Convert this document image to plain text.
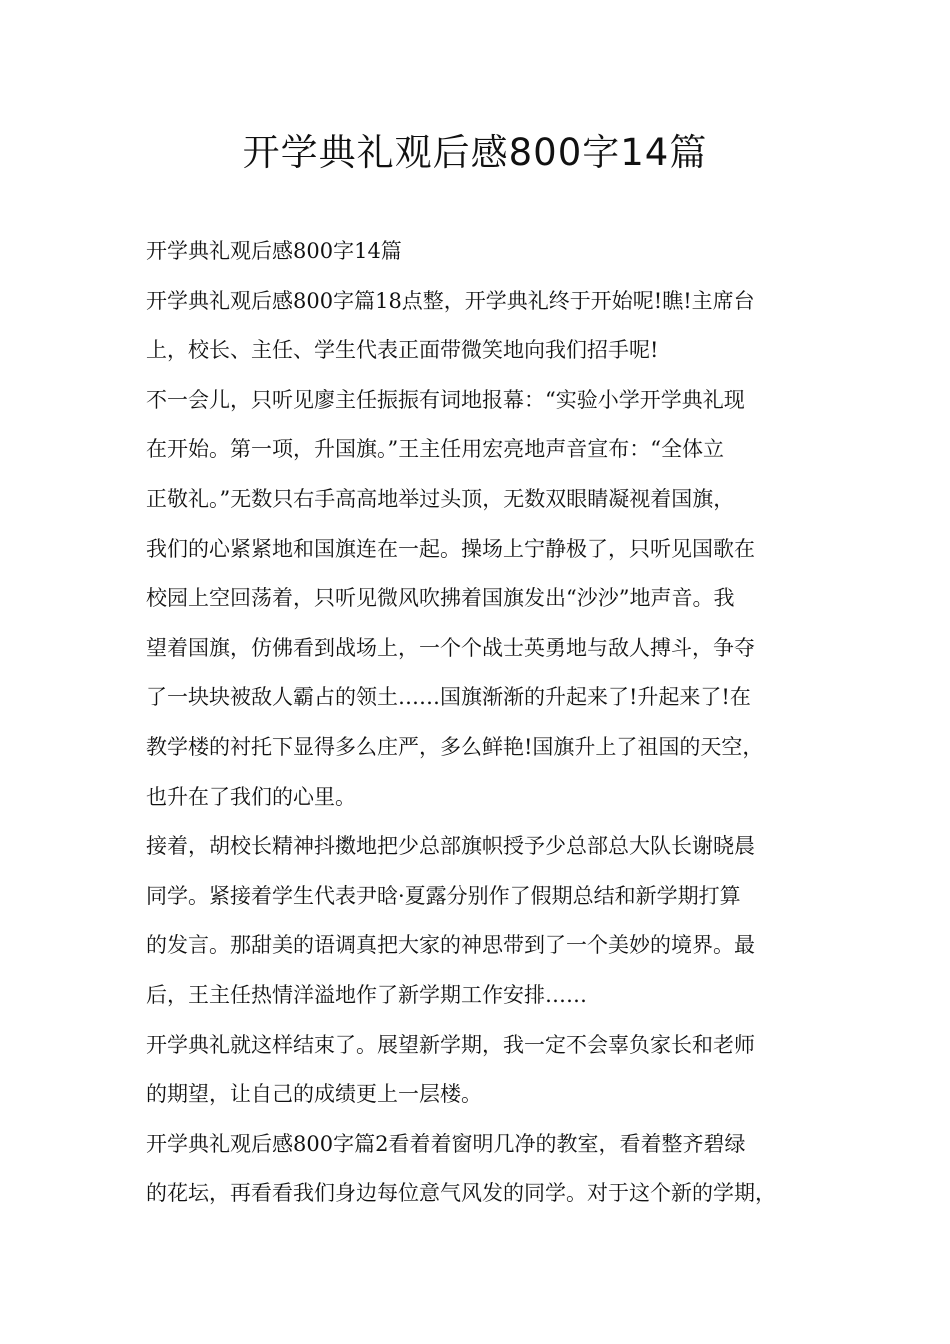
开学典礼观后感800字14篇
开学典礼观后感800字14篇
开学典礼观后感800字篇18点整，开学典礼终于开始呢!瞧!主席台
上，校长、主任、学生代表正面带微笑地向我们招手呢!
不一会儿，只听见廖主任振振有词地报幕：“实验小学开学典礼现
在开始。第一项，升国旗。”王主任用宏亮地声音宣布：“全体立
正敬礼。”无数只右手高高地举过头顶，无数双眼睛凝视着国旗，
我们的心紧紧地和国旗连在一起。操场上宁静极了，只听见国歌在
校园上空回荡着，只听见微风吹拂着国旗发出“沙沙”地声音。我
望着国旗，仿佛看到战场上，一个个战士英勇地与敌人搏斗，争夺
了一块块被敌人霸占的领土……国旗渐渐的升起来了!升起来了!在
教学楼的衬托下显得多么庄严，多么鲜艳!国旗升上了祖国的天空，
也升在了我们的心里。
接着，胡校长精神抖擞地把少总部旗帜授予少总部总大队长谢晓晨
同学。紧接着学生代表尹晗·夏露分别作了假期总结和新学期打算
的发言。那甜美的语调真把大家的神思带到了一个美妙的境界。最
后，王主任热情洋溢地作了新学期工作安排……
开学典礼就这样结束了。展望新学期，我一定不会辜负家长和老师
的期望，让自己的成绩更上一层楼。
开学典礼观后感800字篇2看着着窗明几净的教室，看着整齐碧绿
的花坛，再看看我们身边每位意气风发的同学。对于这个新的学期，
